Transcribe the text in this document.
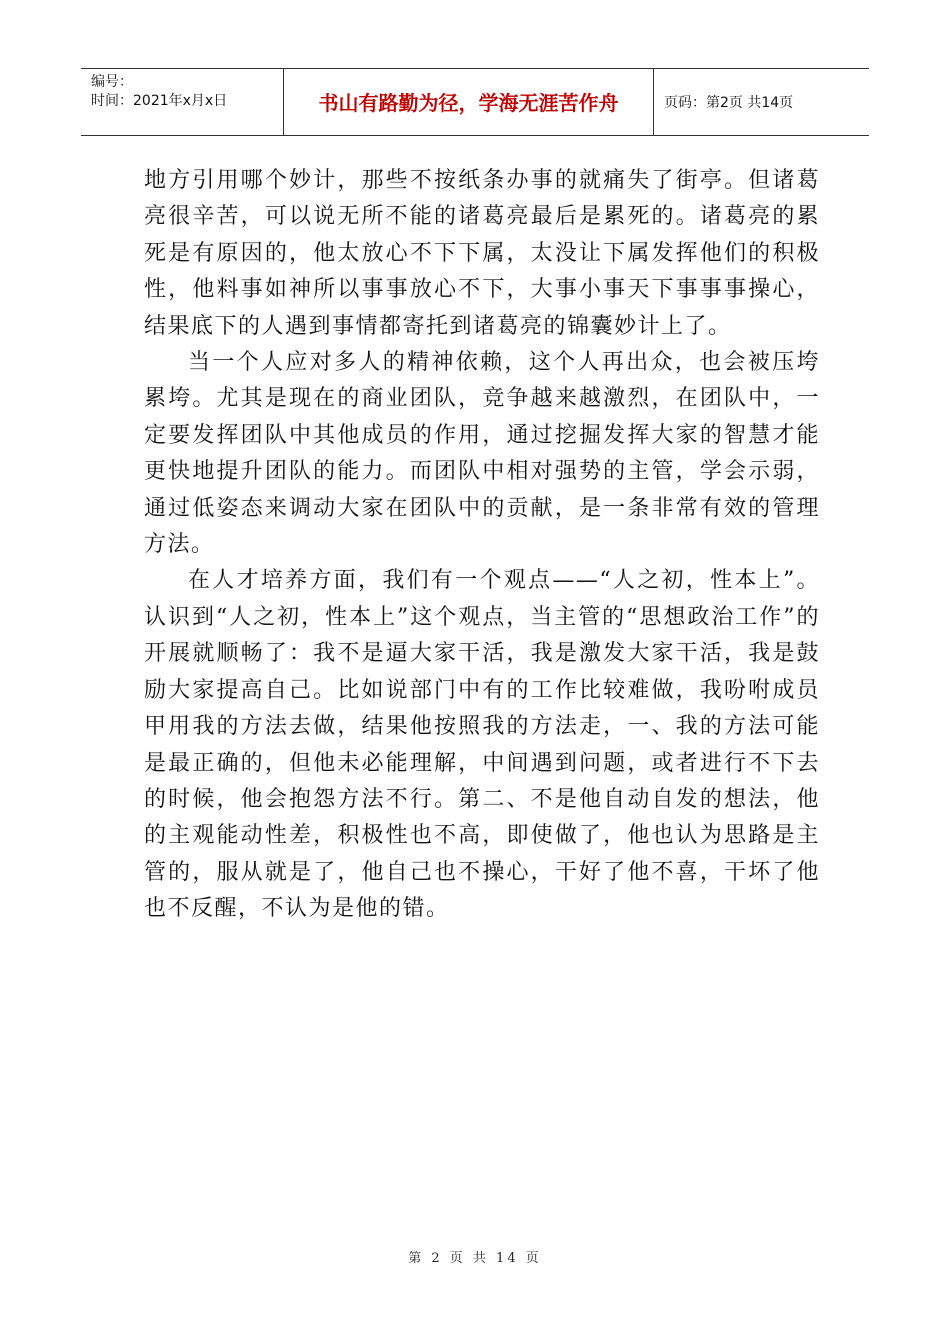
编号：
时间：2021年x月x日	书山有路勤为径，学海无涯苦作舟	页码：第2页 共14页

地方引用哪个妙计，那些不按纸条办事的就痛失了街亭。但诸葛亮很辛苦，可以说无所不能的诸葛亮最后是累死的。诸葛亮的累死是有原因的，他太放心不下下属，太没让下属发挥他们的积极性，他料事如神所以事事放心不下，大事小事天下事事事操心，结果底下的人遇到事情都寄托到诸葛亮的锦囊妙计上了。

当一个人应对多人的精神依赖，这个人再出众，也会被压垮累垮。尤其是现在的商业团队，竞争越来越激烈，在团队中，一定要发挥团队中其他成员的作用，通过挖掘发挥大家的智慧才能更快地提升团队的能力。而团队中相对强势的主管，学会示弱，通过低姿态来调动大家在团队中的贡献，是一条非常有效的管理方法。

在人才培养方面，我们有一个观点——“人之初，性本上”。认识到“人之初，性本上”这个观点，当主管的“思想政治工作”的开展就顺畅了：我不是逼大家干活，我是激发大家干活，我是鼓励大家提高自己。比如说部门中有的工作比较难做，我吩咐成员甲用我的方法去做，结果他按照我的方法走，一、我的方法可能是最正确的，但他未必能理解，中间遇到问题，或者进行不下去的时候，他会抱怨方法不行。第二、不是他自动自发的想法，他的主观能动性差，积极性也不高，即使做了，他也认为思路是主管的，服从就是了，他自己也不操心，干好了他不喜，干坏了他也不反醒，不认为是他的错。

第 2 页 共 14 页
